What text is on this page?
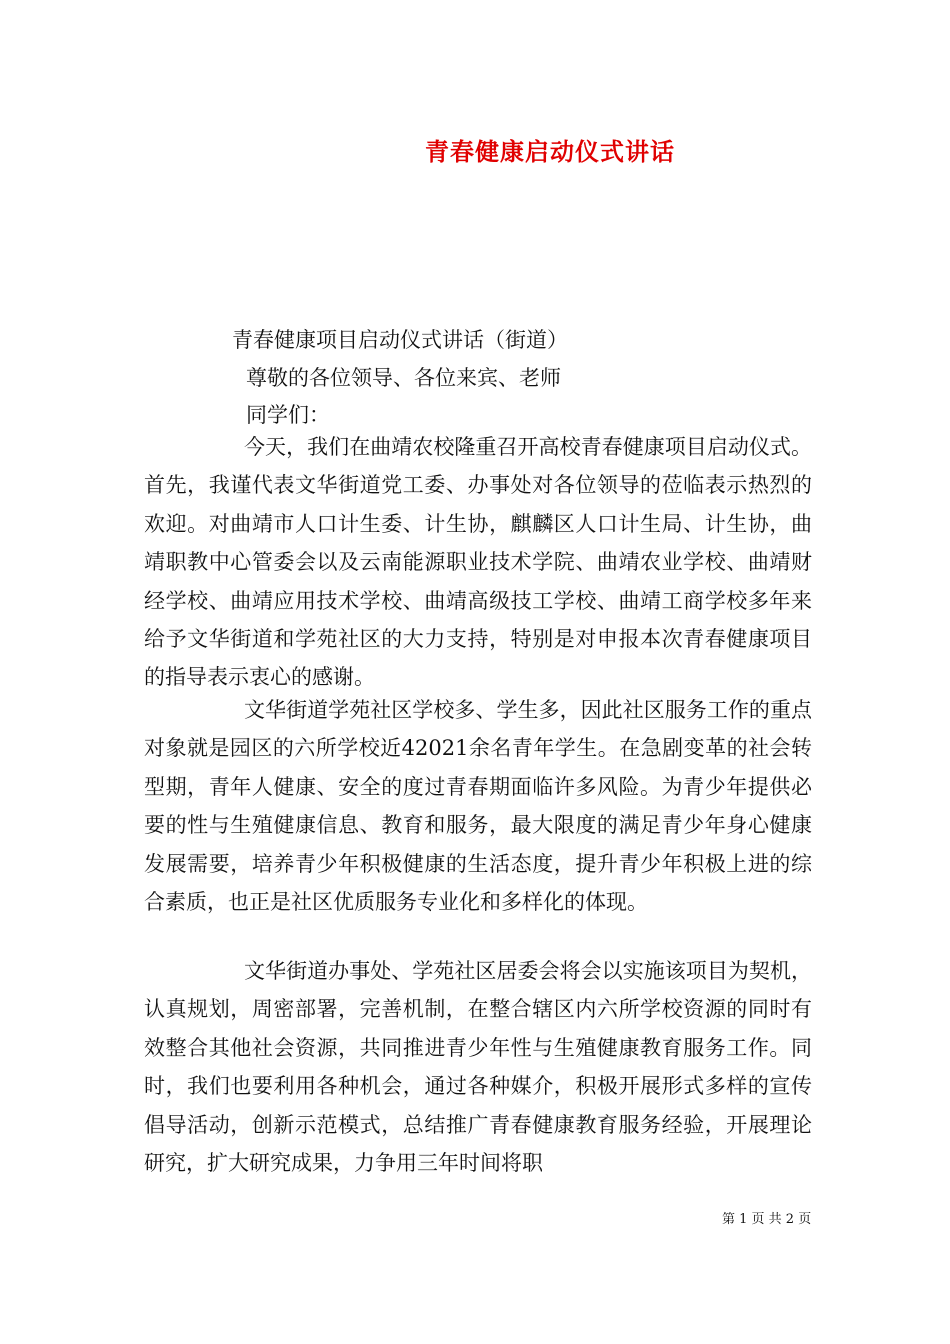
青春健康启动仪式讲话
青春健康项目启动仪式讲话（街道）
尊敬的各位领导、各位来宾、老师
同学们：

今天，我们在曲靖农校隆重召开高校青春健康项目启动仪式。首先，我谨代表文华街道党工委、办事处对各位领导的莅临表示热烈的欢迎。对曲靖市人口计生委、计生协，麒麟区人口计生局、计生协，曲靖职教中心管委会以及云南能源职业技术学院、曲靖农业学校、曲靖财经学校、曲靖应用技术学校、曲靖高级技工学校、曲靖工商学校多年来给予文华街道和学苑社区的大力支持，特别是对申报本次青春健康项目的指导表示衷心的感谢。

文华街道学苑社区学校多、学生多，因此社区服务工作的重点对象就是园区的六所学校近42021余名青年学生。在急剧变革的社会转型期，青年人健康、安全的度过青春期面临许多风险。为青少年提供必要的性与生殖健康信息、教育和服务，最大限度的满足青少年身心健康发展需要，培养青少年积极健康的生活态度，提升青少年积极上进的综合素质，也正是社区优质服务专业化和多样化的体现。

文华街道办事处、学苑社区居委会将会以实施该项目为契机，认真规划，周密部署，完善机制，在整合辖区内六所学校资源的同时有效整合其他社会资源，共同推进青少年性与生殖健康教育服务工作。同时，我们也要利用各种机会，通过各种媒介，积极开展形式多样的宣传倡导活动，创新示范模式，总结推广青春健康教育服务经验，开展理论研究，扩大研究成果，力争用三年时间将职

第 1 页 共 2 页
